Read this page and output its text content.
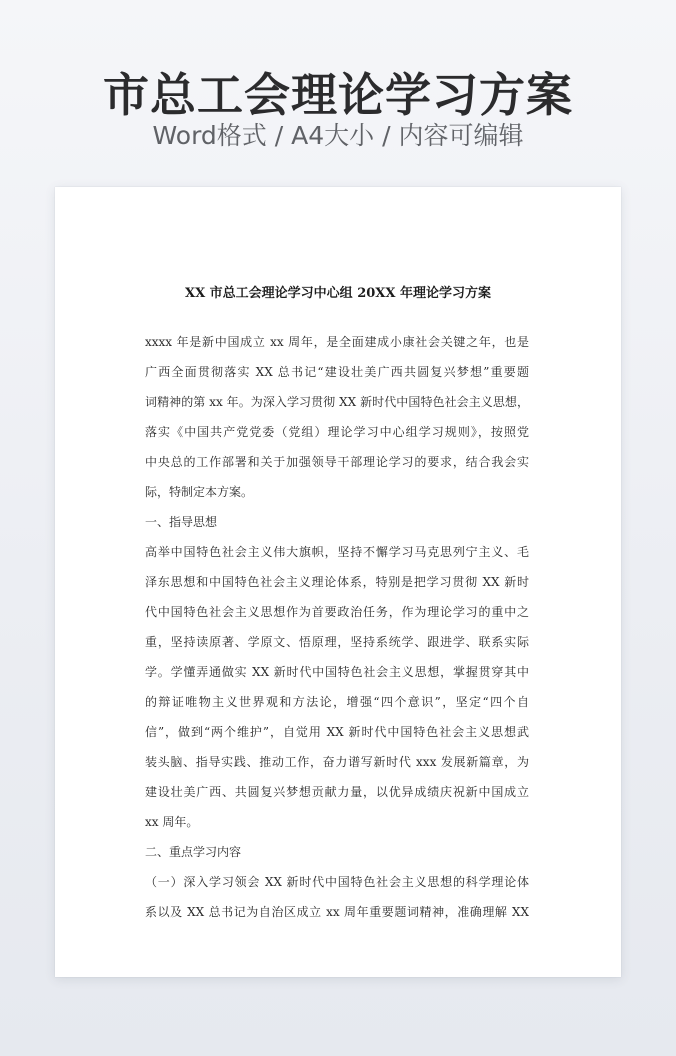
市总工会理论学习方案

Word格式 / A4大小 / 内容可编辑

XX 市总工会理论学习中心组 20XX 年理论学习方案
xxxx 年是新中国成立 xx 周年，是全面建成小康社会关键之年，也是
广西全面贯彻落实 XX 总书记“建设壮美广西共圆复兴梦想”重要题
词精神的第 xx 年。为深入学习贯彻 XX 新时代中国特色社会主义思想，
落实《中国共产党党委（党组）理论学习中心组学习规则》，按照党
中央总的工作部署和关于加强领导干部理论学习的要求，结合我会实
际，特制定本方案。
一、指导思想
高举中国特色社会主义伟大旗帜，坚持不懈学习马克思列宁主义、毛
泽东思想和中国特色社会主义理论体系，特别是把学习贯彻 XX 新时
代中国特色社会主义思想作为首要政治任务，作为理论学习的重中之
重，坚持读原著、学原文、悟原理，坚持系统学、跟进学、联系实际
学。学懂弄通做实 XX 新时代中国特色社会主义思想，掌握贯穿其中
的辩证唯物主义世界观和方法论，增强“四个意识”，坚定“四个自
信”，做到“两个维护”，自觉用 XX 新时代中国特色社会主义思想武
装头脑、指导实践、推动工作，奋力谱写新时代 xxx 发展新篇章，为
建设壮美广西、共圆复兴梦想贡献力量，以优异成绩庆祝新中国成立
xx 周年。
二、重点学习内容
（一）深入学习领会 XX 新时代中国特色社会主义思想的科学理论体
系以及 XX 总书记为自治区成立 xx 周年重要题词精神，准确理解 XX
